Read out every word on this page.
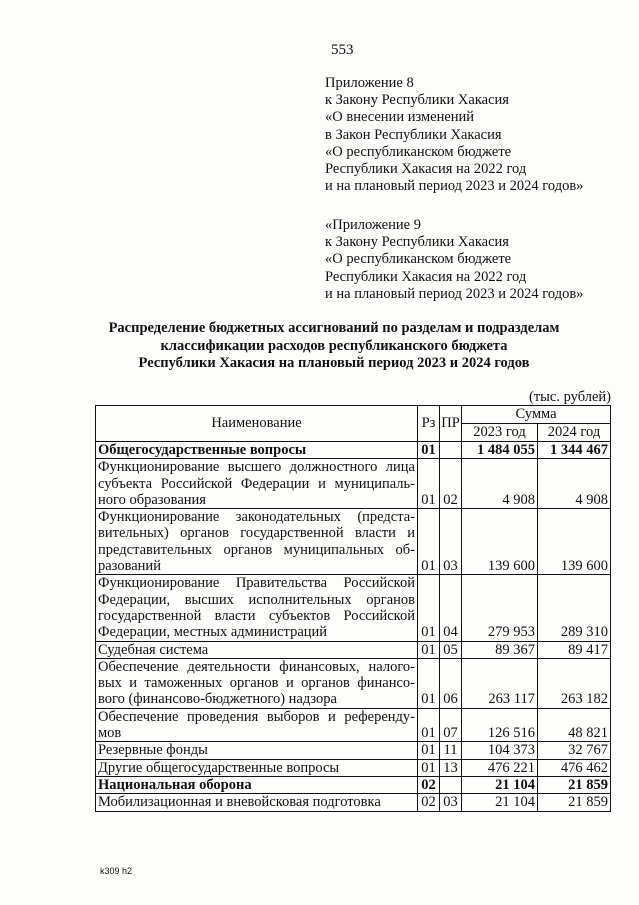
553
Приложение 8
к Закону Республики Хакасия
«О внесении изменений
в Закон Республики Хакасия
«О республиканском бюджете
Республики Хакасия на 2022 год
и на плановый период 2023 и 2024 годов»
«Приложение 9
к Закону Республики Хакасия
«О республиканском бюджете
Республики Хакасия на 2022 год
и на плановый период 2023 и 2024 годов»
Распределение бюджетных ассигнований по разделам и подразделам
классификации расходов республиканского бюджета
Республики Хакасия на плановый период 2023 и 2024 годов
(тыс. рублей)
Наименование	Рз	ПР	Сумма	
			2023 год	2024 год
Общегосударственные вопросы	01		1 484 055	1 344 467
Функционирование высшего должностного лица субъекта Российской Федерации и муниципаль-ного образования	01	02	4 908	4 908
Функционирование законодательных (предста-вительных) органов государственной власти и представительных органов муниципальных об-разований	01	03	139 600	139 600
Функционирование Правительства Российской Федерации, высших исполнительных органов государственной власти субъектов Российской Федерации, местных администраций	01	04	279 953	289 310
Судебная система	01	05	89 367	89 417
Обеспечение деятельности финансовых, налого-вых и таможенных органов и органов финансо-вого (финансово-бюджетного) надзора	01	06	263 117	263 182
Обеспечение проведения выборов и референду-мов	01	07	126 516	48 821
Резервные фонды	01	11	104 373	32 767
Другие общегосударственные вопросы	01	13	476 221	476 462
Национальная оборона	02		21 104	21 859
Мобилизационная и вневойсковая подготовка	02	03	21 104	21 859
k309 h2
